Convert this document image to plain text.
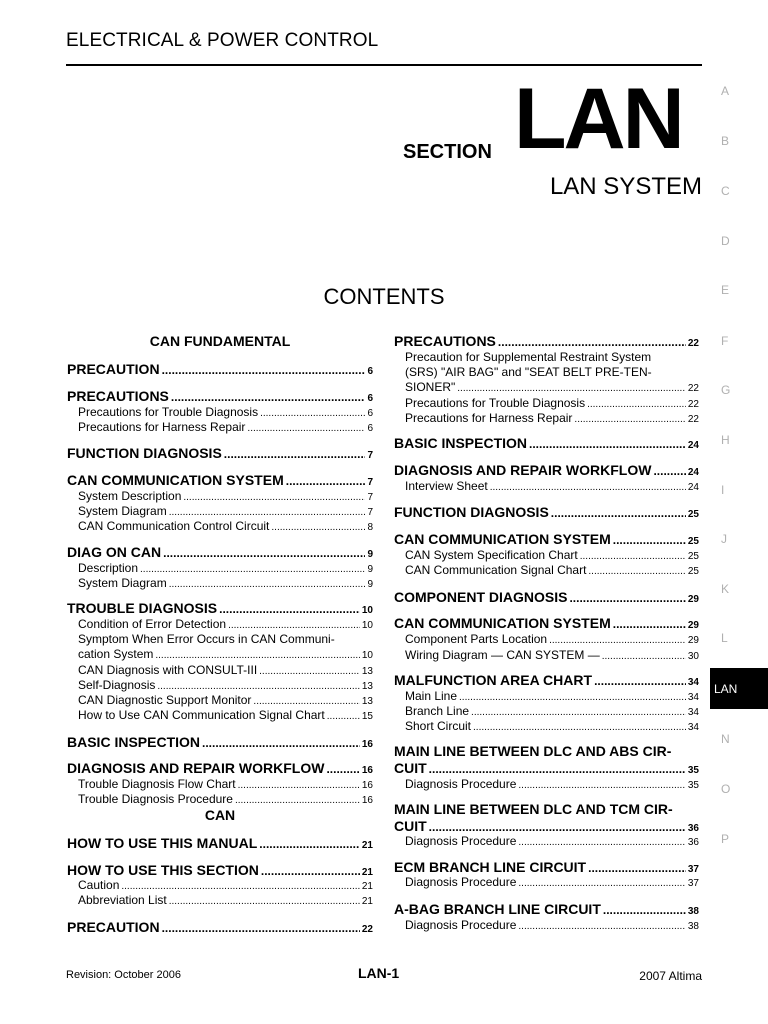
ELECTRICAL & POWER CONTROL
SECTION LAN
LAN SYSTEM
CONTENTS
CAN FUNDAMENTAL
PRECAUTION .....	6
PRECAUTIONS .....	6
Precautions for Trouble Diagnosis .....	6
Precautions for Harness Repair .....	6
FUNCTION DIAGNOSIS .....	7
CAN COMMUNICATION SYSTEM .....	7
System Description .....	7
System Diagram .....	7
CAN Communication Control Circuit .....	8
DIAG ON CAN .....	9
Description .....	9
System Diagram .....	9
TROUBLE DIAGNOSIS .....	10
Condition of Error Detection .....	10
Symptom When Error Occurs in CAN Communi-
cation System .....	10
CAN Diagnosis with CONSULT-III .....	13
Self-Diagnosis .....	13
CAN Diagnostic Support Monitor .....	13
How to Use CAN Communication Signal Chart .....	15
BASIC INSPECTION .....	16
DIAGNOSIS AND REPAIR WORKFLOW .....	16
Trouble Diagnosis Flow Chart .....	16
Trouble Diagnosis Procedure .....	16
CAN
HOW TO USE THIS MANUAL .....	21
HOW TO USE THIS SECTION .....	21
Caution .....	21
Abbreviation List .....	21
PRECAUTION .....	22
PRECAUTIONS .....	22
Precaution for Supplemental Restraint System
(SRS) "AIR BAG" and "SEAT BELT PRE-TEN-
SIONER" .....	22
Precautions for Trouble Diagnosis .....	22
Precautions for Harness Repair .....	22
BASIC INSPECTION .....	24
DIAGNOSIS AND REPAIR WORKFLOW .....	24
Interview Sheet .....	24
FUNCTION DIAGNOSIS .....	25
CAN COMMUNICATION SYSTEM .....	25
CAN System Specification Chart .....	25
CAN Communication Signal Chart .....	25
COMPONENT DIAGNOSIS .....	29
CAN COMMUNICATION SYSTEM .....	29
Component Parts Location .....	29
Wiring Diagram — CAN SYSTEM — .....	30
MALFUNCTION AREA CHART .....	34
Main Line .....	34
Branch Line .....	34
Short Circuit .....	34
MAIN LINE BETWEEN DLC AND ABS CIR-
CUIT .....	35
Diagnosis Procedure .....	35
MAIN LINE BETWEEN DLC AND TCM CIR-
CUIT .....	36
Diagnosis Procedure .....	36
ECM BRANCH LINE CIRCUIT .....	37
Diagnosis Procedure .....	37
A-BAG BRANCH LINE CIRCUIT .....	38
Diagnosis Procedure .....	38
A
B
C
D
E
F
G
H
I
J
K
L
N
O
P
LAN
Revision: October 2006	LAN-1	2007 Altima
